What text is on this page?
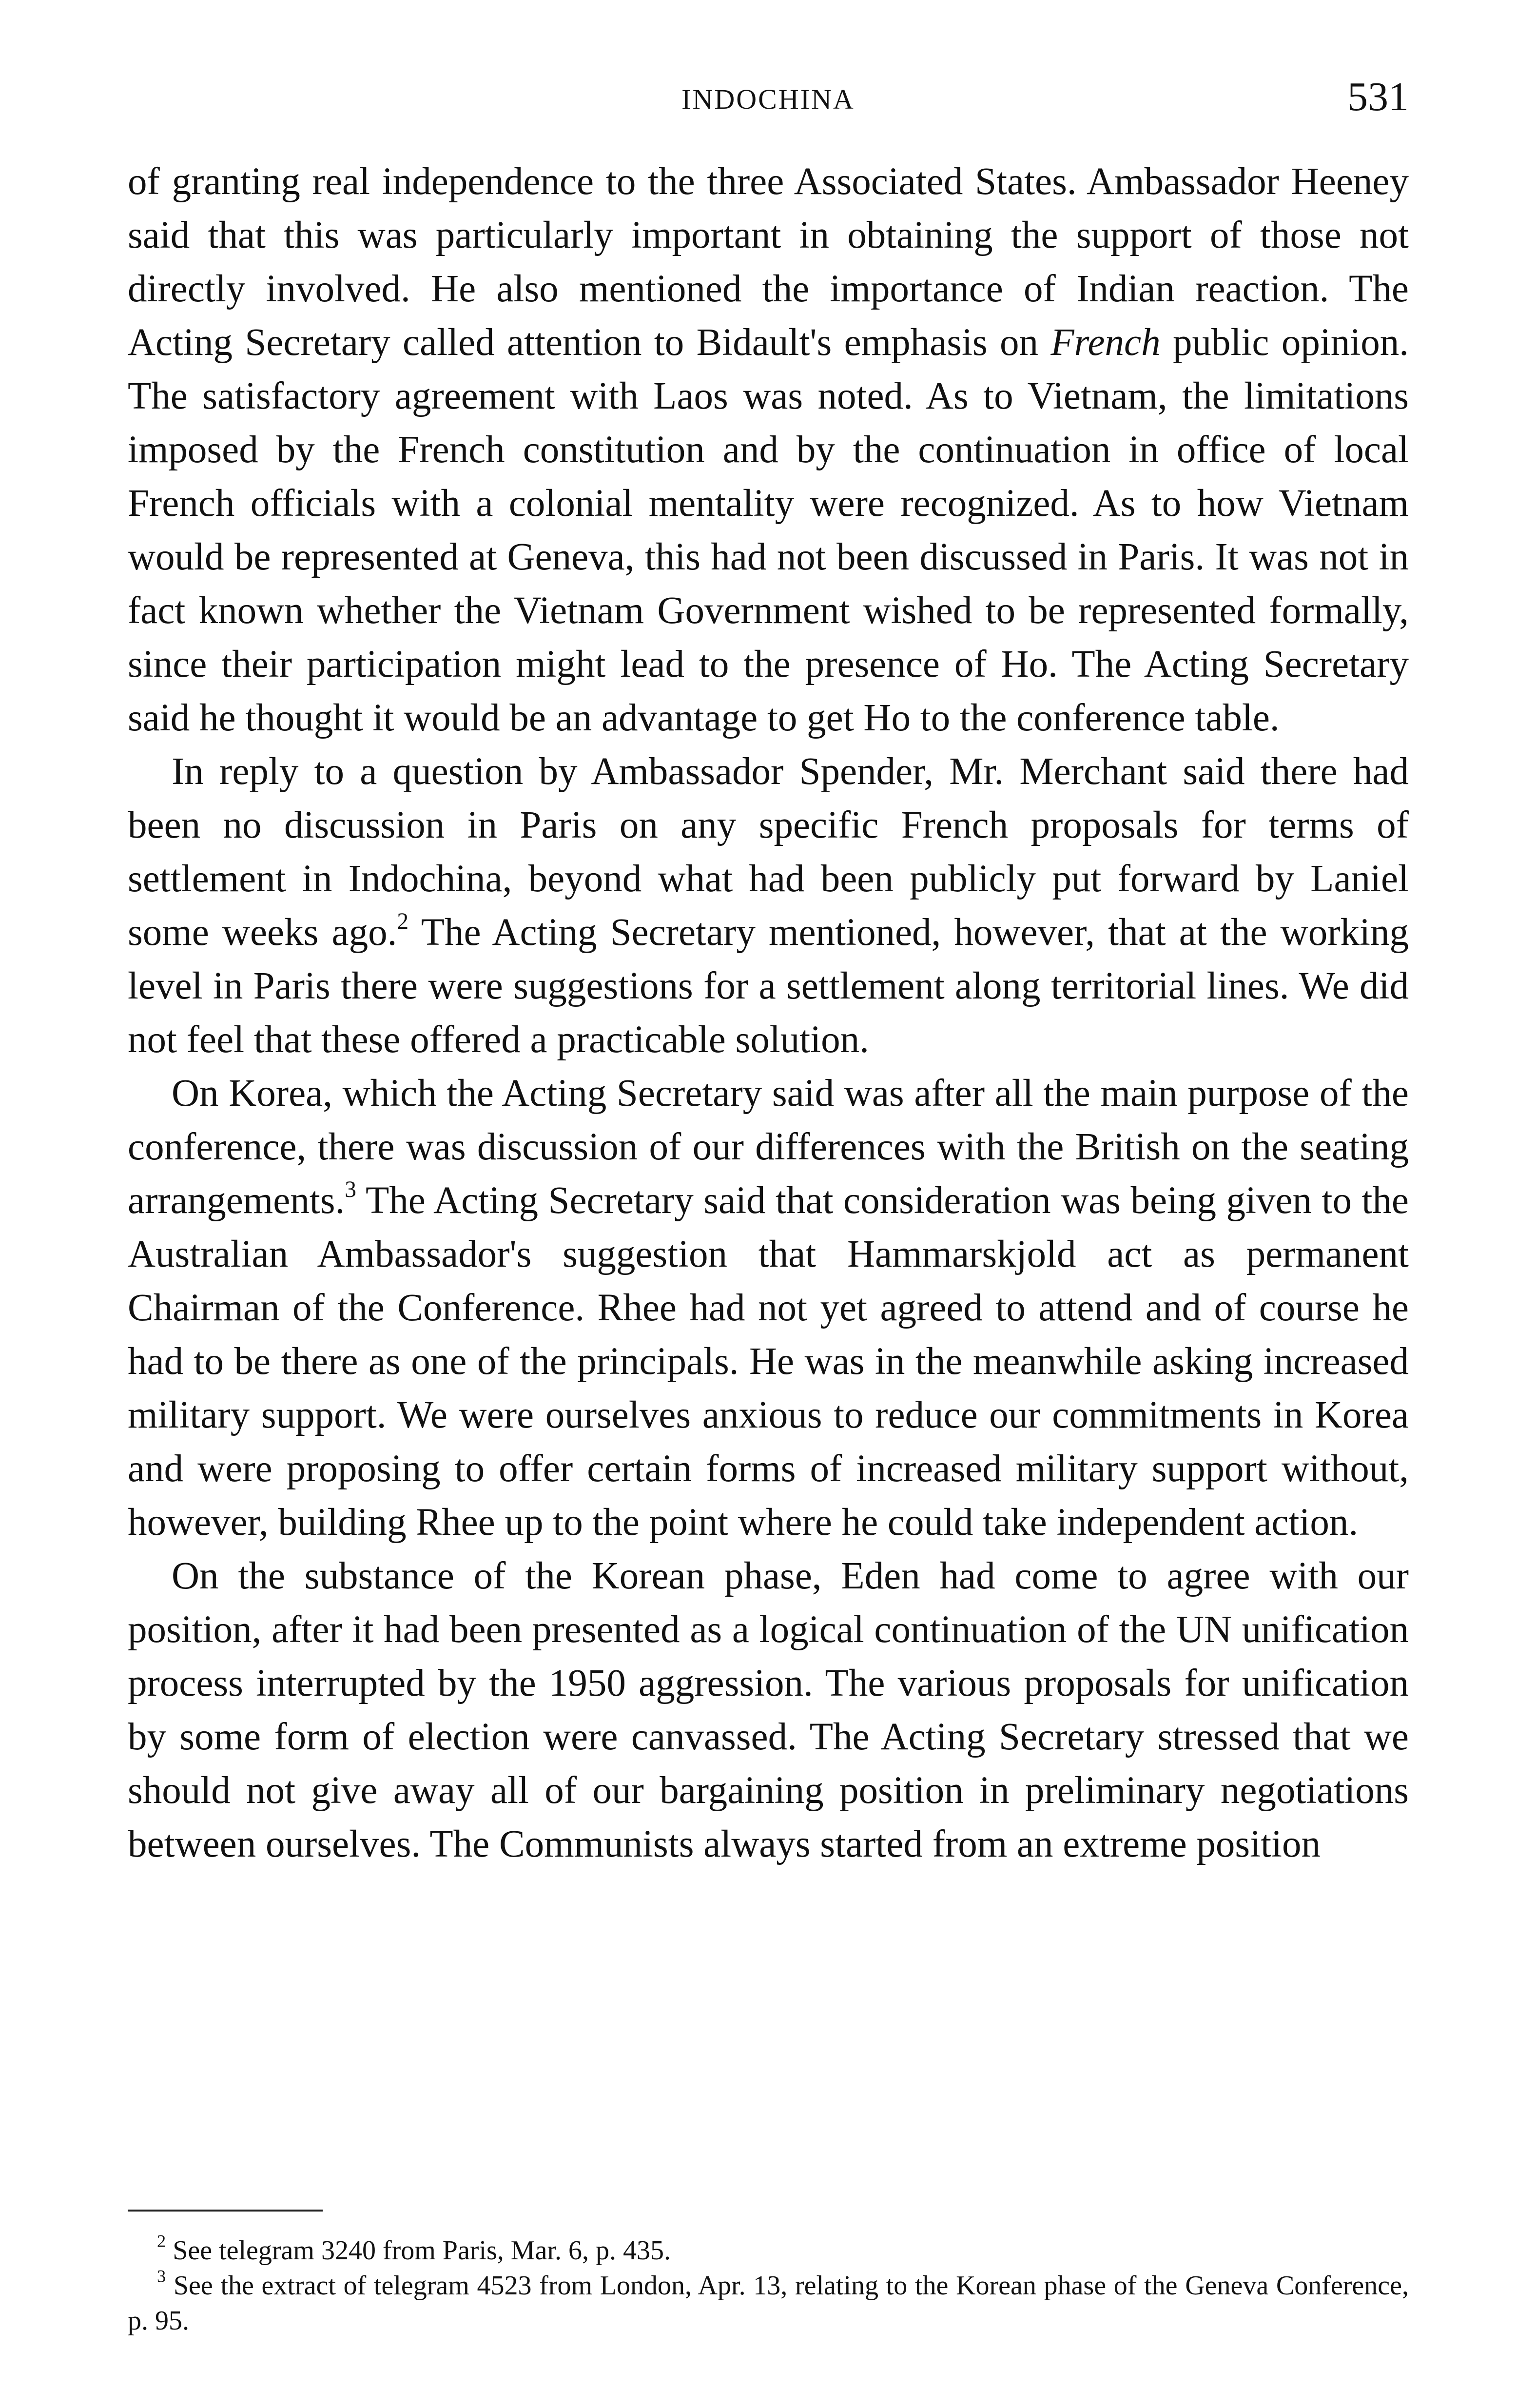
INDOCHINA	531

of granting real independence to the three Associated States. Ambassador Heeney said that this was particularly important in obtaining the support of those not directly involved. He also mentioned the importance of Indian reaction. The Acting Secretary called attention to Bidault's emphasis on French public opinion. The satisfactory agreement with Laos was noted. As to Vietnam, the limitations imposed by the French constitution and by the continuation in office of local French officials with a colonial mentality were recognized. As to how Vietnam would be represented at Geneva, this had not been discussed in Paris. It was not in fact known whether the Vietnam Government wished to be represented formally, since their participation might lead to the presence of Ho. The Acting Secretary said he thought it would be an advantage to get Ho to the conference table.

In reply to a question by Ambassador Spender, Mr. Merchant said there had been no discussion in Paris on any specific French proposals for terms of settlement in Indochina, beyond what had been publicly put forward by Laniel some weeks ago.$^2$ The Acting Secretary mentioned, however, that at the working level in Paris there were suggestions for a settlement along territorial lines. We did not feel that these offered a practicable solution.

On Korea, which the Acting Secretary said was after all the main purpose of the conference, there was discussion of our differences with the British on the seating arrangements.$^3$ The Acting Secretary said that consideration was being given to the Australian Ambassador's suggestion that Hammarskjold act as permanent Chairman of the Conference. Rhee had not yet agreed to attend and of course he had to be there as one of the principals. He was in the meanwhile asking increased military support. We were ourselves anxious to reduce our commitments in Korea and were proposing to offer certain forms of increased military support without, however, building Rhee up to the point where he could take independent action.

On the substance of the Korean phase, Eden had come to agree with our position, after it had been presented as a logical continuation of the UN unification process interrupted by the 1950 aggression. The various proposals for unification by some form of election were canvassed. The Acting Secretary stressed that we should not give away all of our bargaining position in preliminary negotiations between ourselves. The Communists always started from an extreme position

$^2$ See telegram 3240 from Paris, Mar. 6, p. 435.

$^3$ See the extract of telegram 4523 from London, Apr. 13, relating to the Korean phase of the Geneva Conference, p. 95.
